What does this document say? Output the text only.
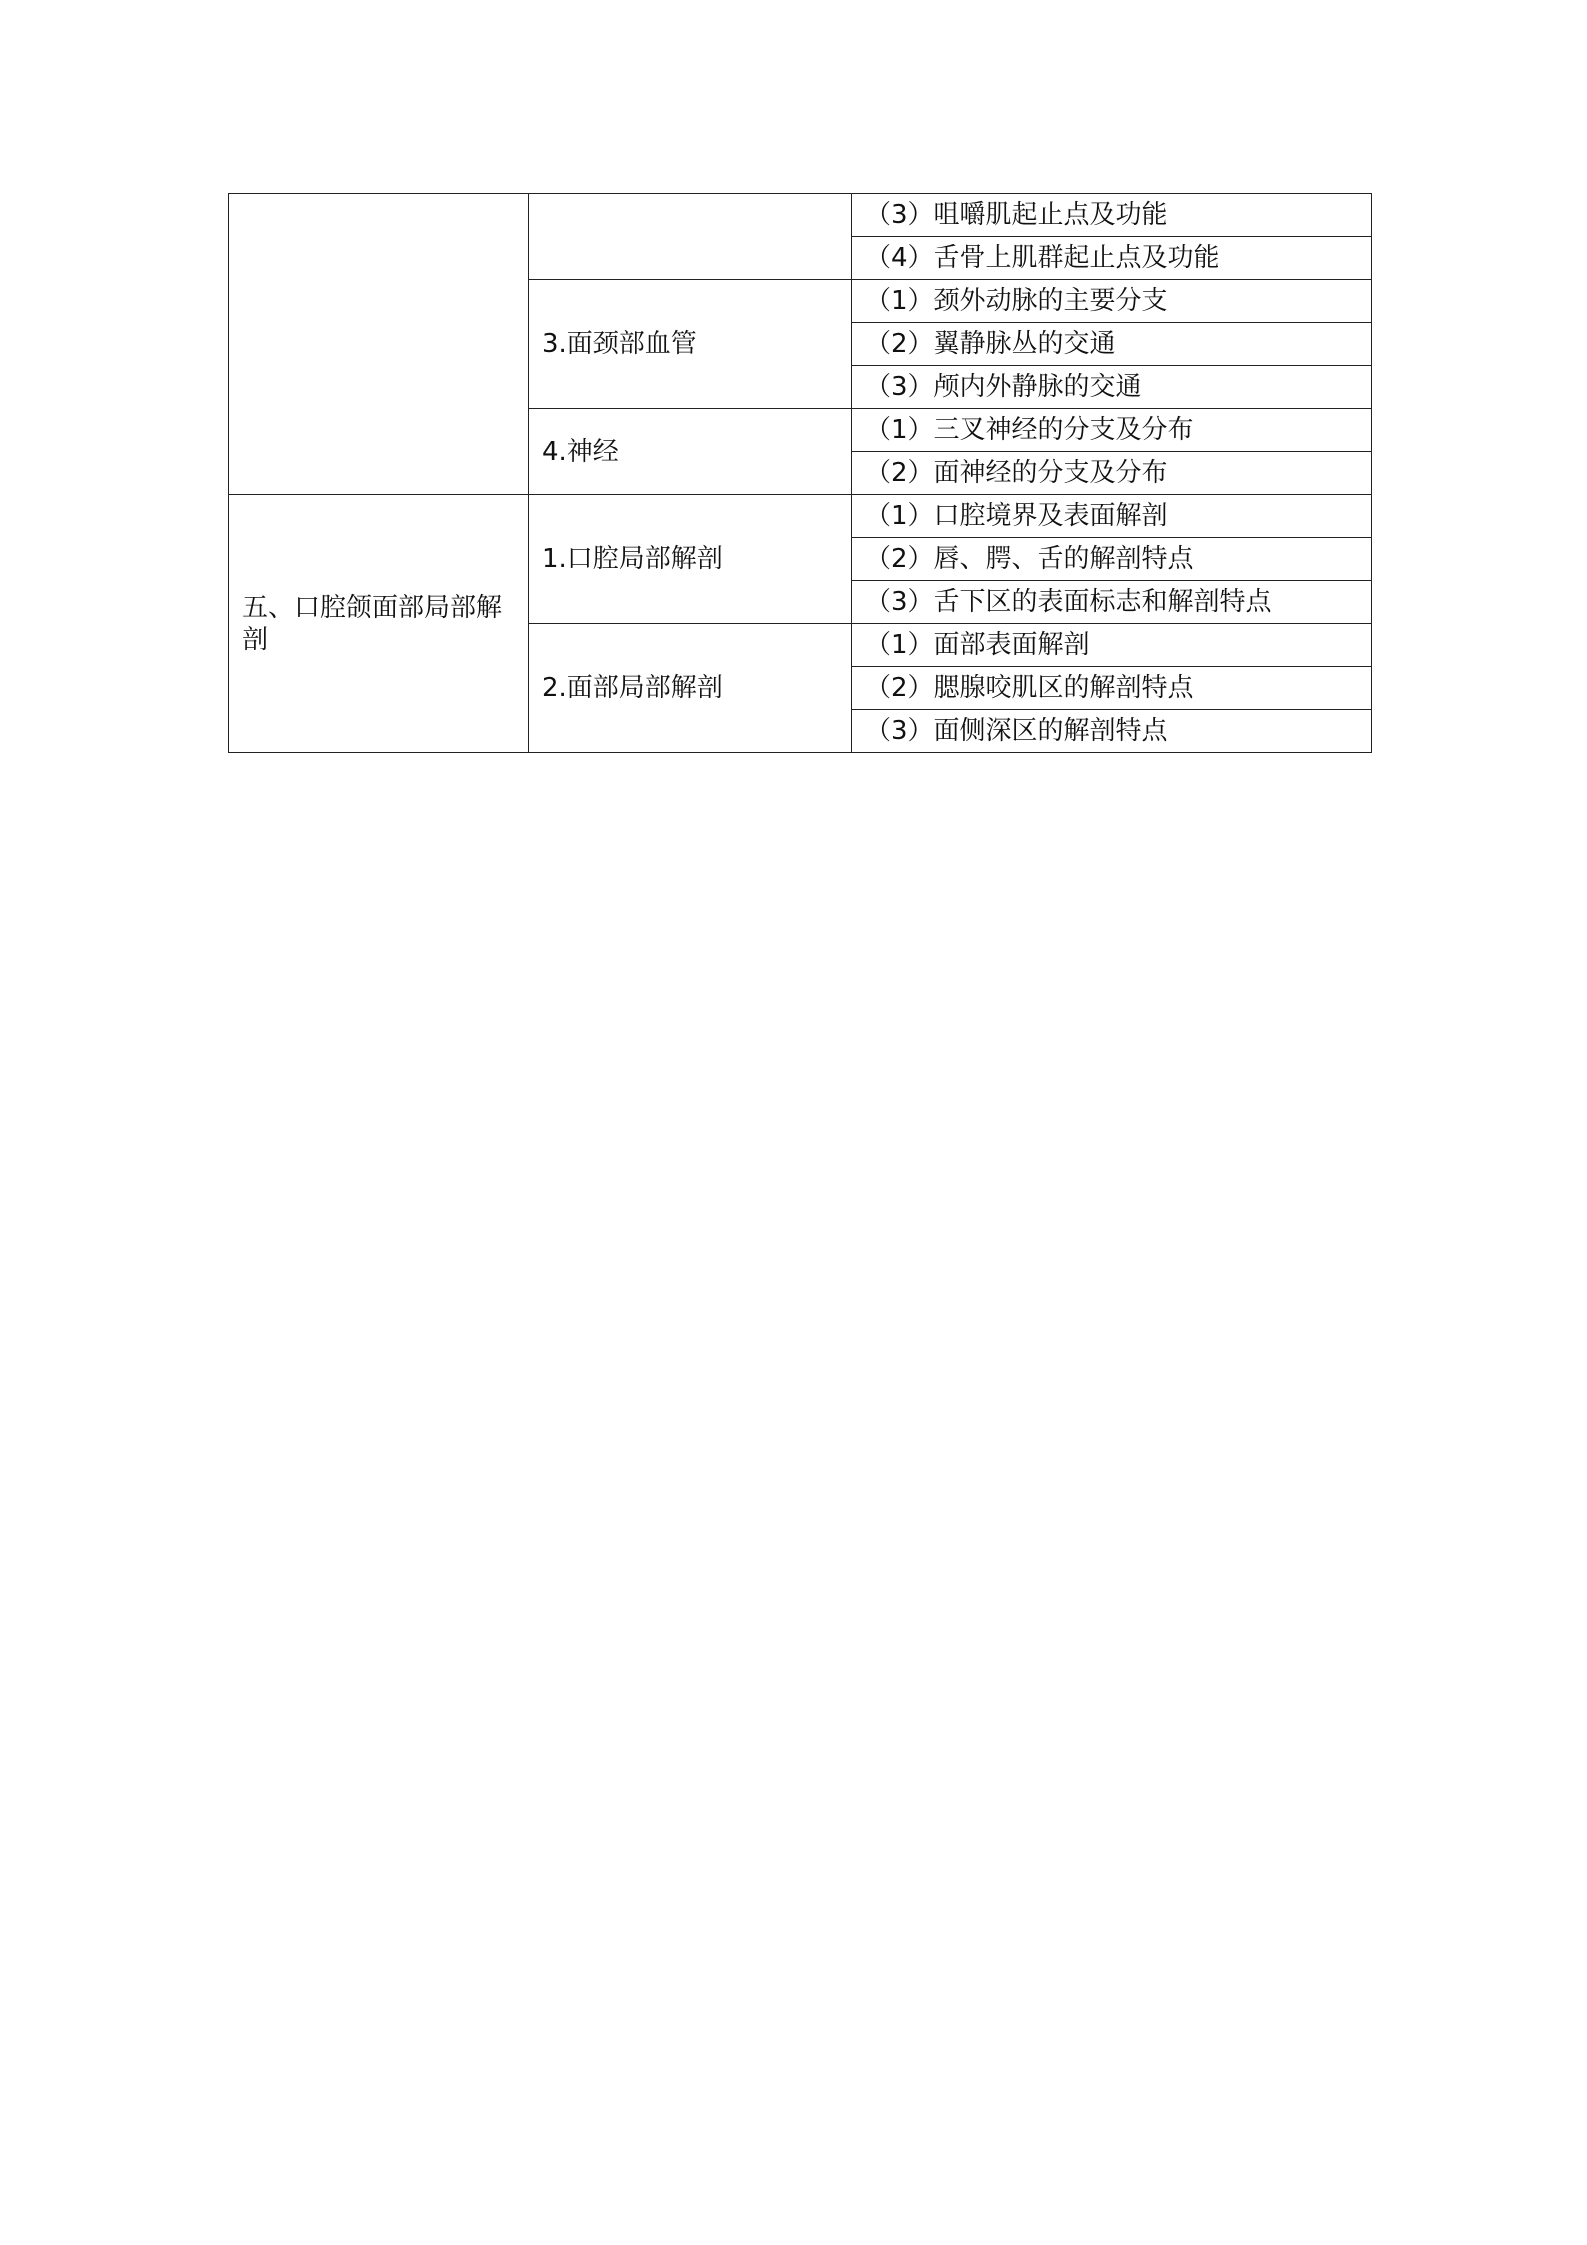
		（3）咀嚼肌起止点及功能
		（4）舌骨上肌群起止点及功能
	3.面颈部血管	（1）颈外动脉的主要分支
		（2）翼静脉丛的交通
		（3）颅内外静脉的交通
	4.神经	（1）三叉神经的分支及分布
		（2）面神经的分支及分布
五、口腔颌面部局部解剖	1.口腔局部解剖	（1）口腔境界及表面解剖
		（2）唇、腭、舌的解剖特点
		（3）舌下区的表面标志和解剖特点
	2.面部局部解剖	（1）面部表面解剖
		（2）腮腺咬肌区的解剖特点
		（3）面侧深区的解剖特点
